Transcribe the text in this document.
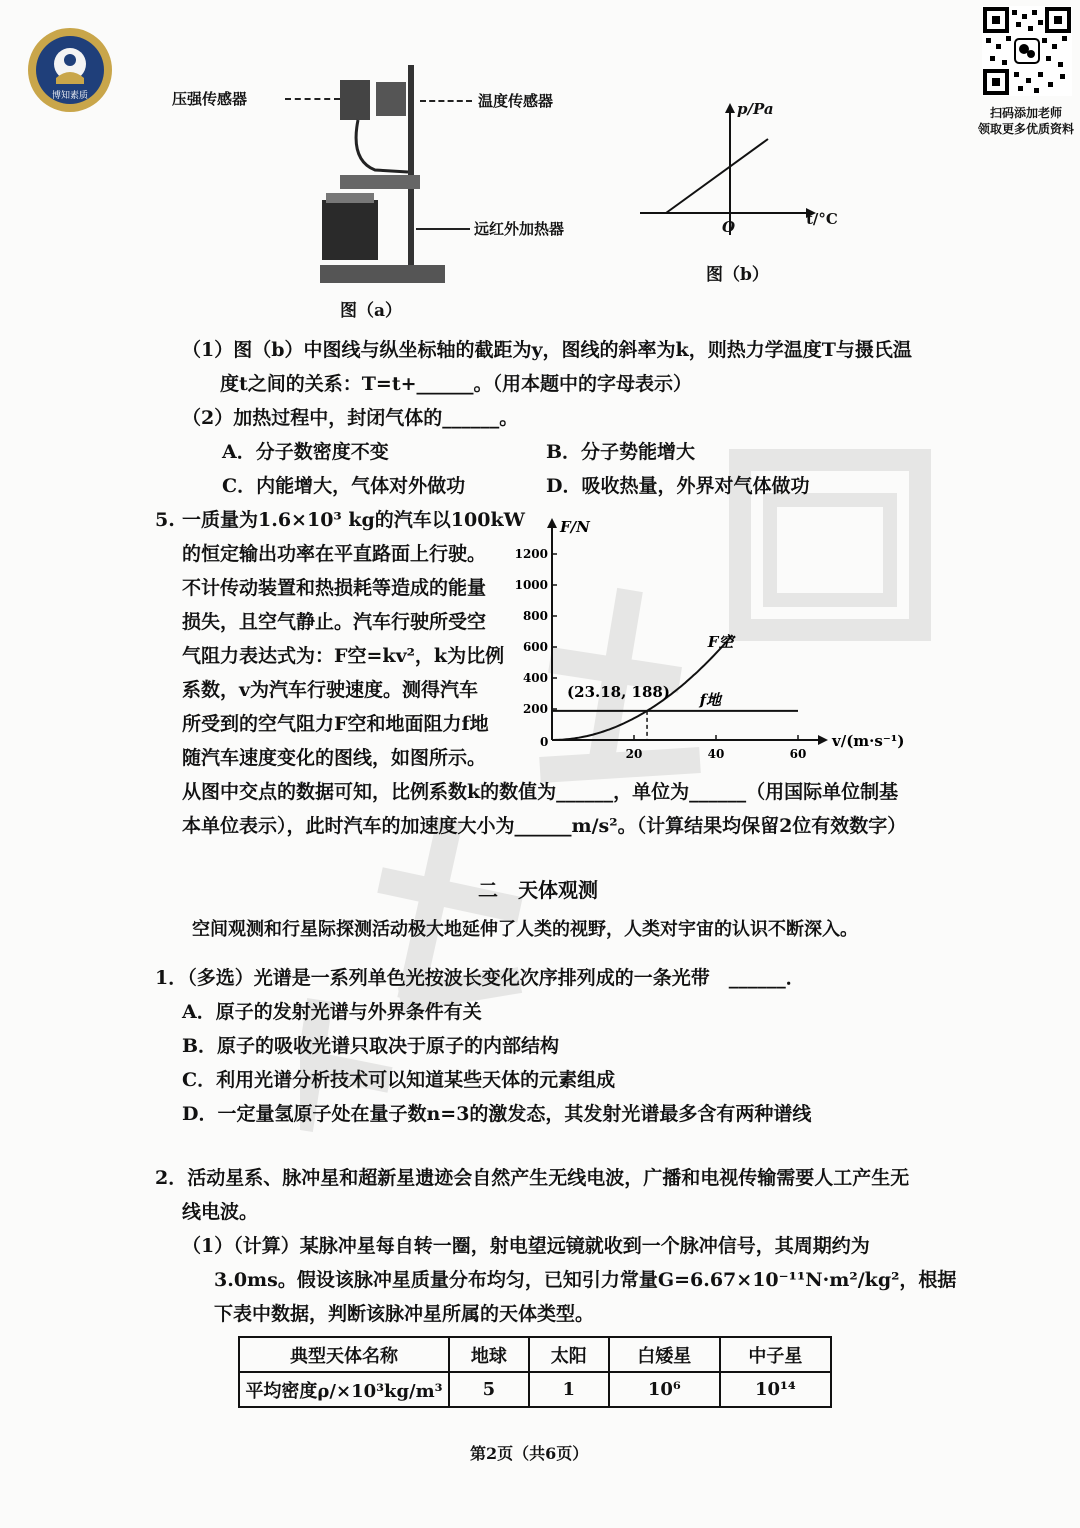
博知素质
扫码添加老师
领取更多优质资料
压强传感器	温度传感器
远红外加热器
图（a）
p/Pa
t/°C
O
图（b）
（1）图（b）中图线与纵坐标轴的截距为y，图线的斜率为k，则热力学温度T与摄氏温
度t之间的关系：T=t+______。（用本题中的字母表示）
（2）加热过程中，封闭气体的______。
A．分子数密度不变	B．分子势能增大
C．内能增大，气体对外做功	D．吸收热量，外界对气体做功
5. 一质量为1.6×10³ kg的汽车以100kW
的恒定输出功率在平直路面上行驶。
不计传动装置和热损耗等造成的能量
损失，且空气静止。汽车行驶所受空
气阻力表达式为：F空=kv²，k为比例
系数，v为汽车行驶速度。测得汽车
所受到的空气阻力F空和地面阻力f地
随汽车速度变化的图线，如图所示。
从图中交点的数据可知，比例系数k的数值为______，单位为______（用国际单位制基
本单位表示），此时汽车的加速度大小为______m/s²。（计算结果均保留2位有效数字）
200
400
600
800
1000
1200
20	40	60
F/N
v/(m·s⁻¹)
(23.18, 188)
F空
f地
0
二　天体观测
空间观测和行星际探测活动极大地延伸了人类的视野，人类对宇宙的认识不断深入。
1．（多选）光谱是一系列单色光按波长变化次序排列成的一条光带　______．
A．原子的发射光谱与外界条件有关
B．原子的吸收光谱只取决于原子的内部结构
C．利用光谱分析技术可以知道某些天体的元素组成
D．一定量氢原子处在量子数n=3的激发态，其发射光谱最多含有两种谱线
2．活动星系、脉冲星和超新星遗迹会自然产生无线电波，广播和电视传输需要人工产生无
线电波。
（1）（计算）某脉冲星每自转一圈，射电望远镜就收到一个脉冲信号，其周期约为
3.0ms。假设该脉冲星质量分布均匀，已知引力常量G=6.67×10⁻¹¹N·m²/kg²，根据
下表中数据，判断该脉冲星所属的天体类型。
典型天体名称	地球	太阳	白矮星	中子星
平均密度ρ/×10³kg/m³	5	1	10⁶	10¹⁴
第2页（共6页）
